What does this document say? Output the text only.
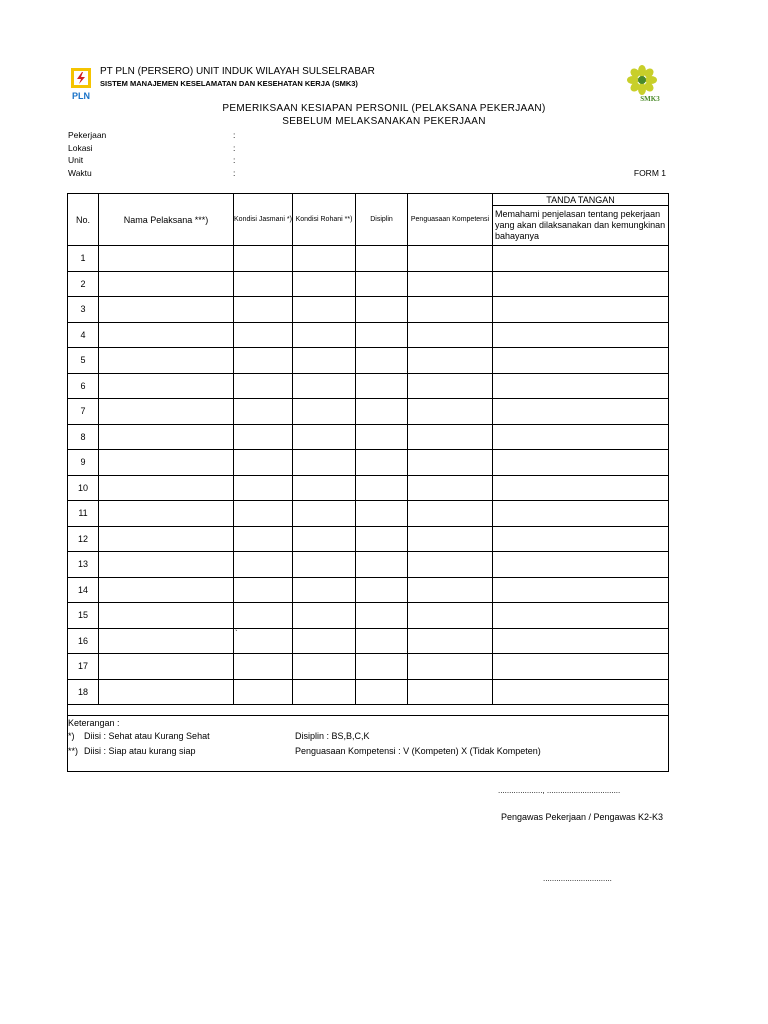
PLN	SMK3
PT PLN (PERSERO) UNIT INDUK WILAYAH SULSELRABAR
SISTEM MANAJEMEN KESELAMATAN DAN KESEHATAN KERJA (SMK3)
PEMERIKSAAN KESIAPAN PERSONIL (PELAKSANA PEKERJAAN)
SEBELUM MELAKSANAKAN PEKERJAAN
Pekerjaan	:
Lokasi	:
Unit	:
Waktu	:	FORM 1
No.	Nama Pelaksana ***)	Kondisi Jasmani *)	Kondisi Rohani **)	Disiplin	Penguasaan Kompetensi	TANDA TANGAN
						Memahami penjelasan tentang pekerjaan yang akan dilaksanakan dan kemungkinan bahayanya
1						
2						
3						
4						
5						
6						
7						
8						
9						
10						
11						
12						
13						
14						
15						
16		`				
17						
18						

Keterangan :
*) Diisi : Sehat atau Kurang Sehat
**) Diisi : Siap atau kurang siap
Disiplin : BS,B,C,K
Penguasaan Kompetensi : V (Kompeten) X (Tidak Kompeten)
...................., .................................
Pengawas Pekerjaan / Pengawas K2-K3
...............................
